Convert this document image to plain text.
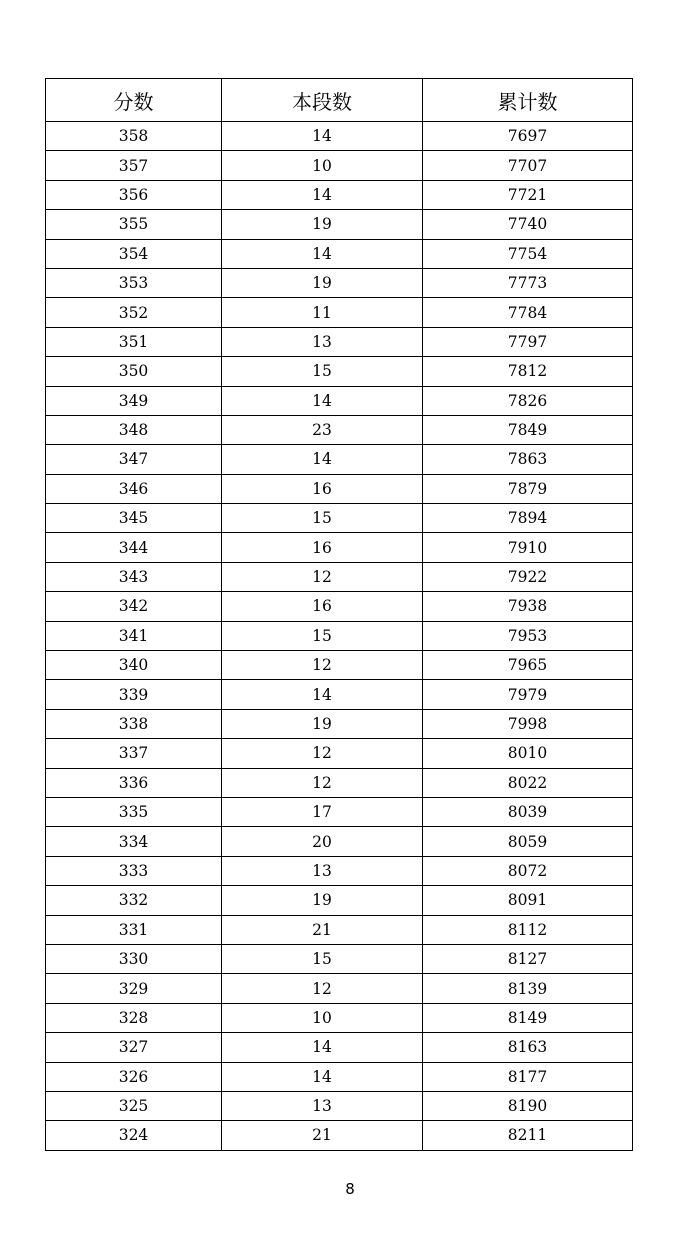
分数	本段数	累计数
358	14	7697
357	10	7707
356	14	7721
355	19	7740
354	14	7754
353	19	7773
352	11	7784
351	13	7797
350	15	7812
349	14	7826
348	23	7849
347	14	7863
346	16	7879
345	15	7894
344	16	7910
343	12	7922
342	16	7938
341	15	7953
340	12	7965
339	14	7979
338	19	7998
337	12	8010
336	12	8022
335	17	8039
334	20	8059
333	13	8072
332	19	8091
331	21	8112
330	15	8127
329	12	8139
328	10	8149
327	14	8163
326	14	8177
325	13	8190
324	21	8211
8
